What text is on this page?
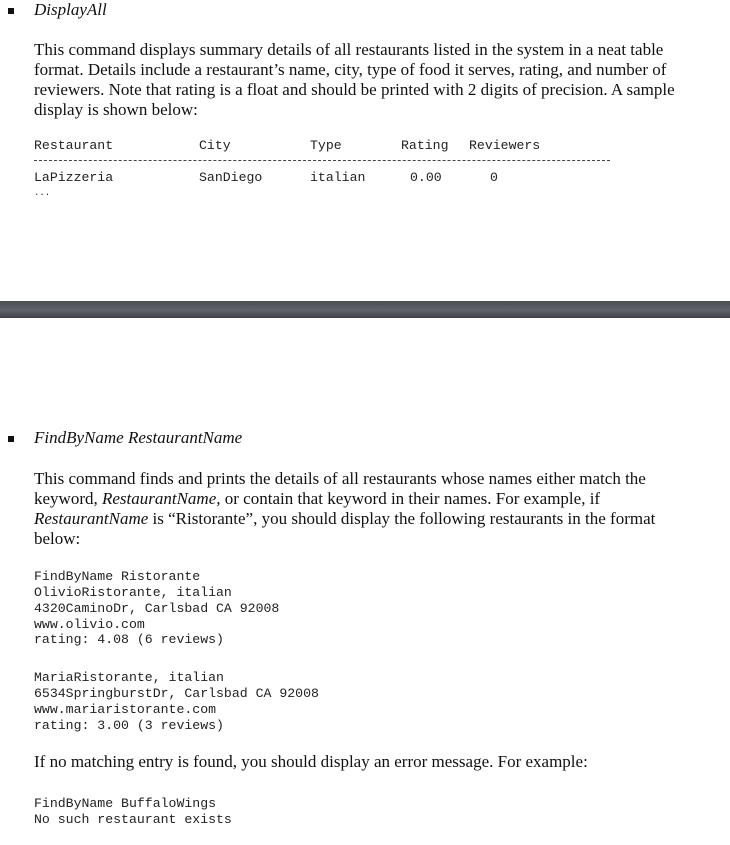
DisplayAll
This command displays summary details of all restaurants listed in the system in a neat table
format. Details include a restaurant’s name, city, type of food it serves, rating, and number of
reviewers. Note that rating is a float and should be printed with 2 digits of precision. A sample
display is shown below:
Restaurant	City	Type	Rating Reviewers
LaPizzeria	SanDiego	italian	0.00	0
...
FindByName RestaurantName
This command finds and prints the details of all restaurants whose names either match the
keyword, RestaurantName, or contain that keyword in their names. For example, if
RestaurantName is “Ristorante”, you should display the following restaurants in the format
below:
FindByName Ristorante
OlivioRistorante, italian
4320CaminoDr, Carlsbad CA 92008
www.olivio.com
rating: 4.08 (6 reviews)
MariaRistorante, italian
6534SpringburstDr, Carlsbad CA 92008
www.mariaristorante.com
rating: 3.00 (3 reviews)
If no matching entry is found, you should display an error message. For example:
FindByName BuffaloWings
No such restaurant exists
